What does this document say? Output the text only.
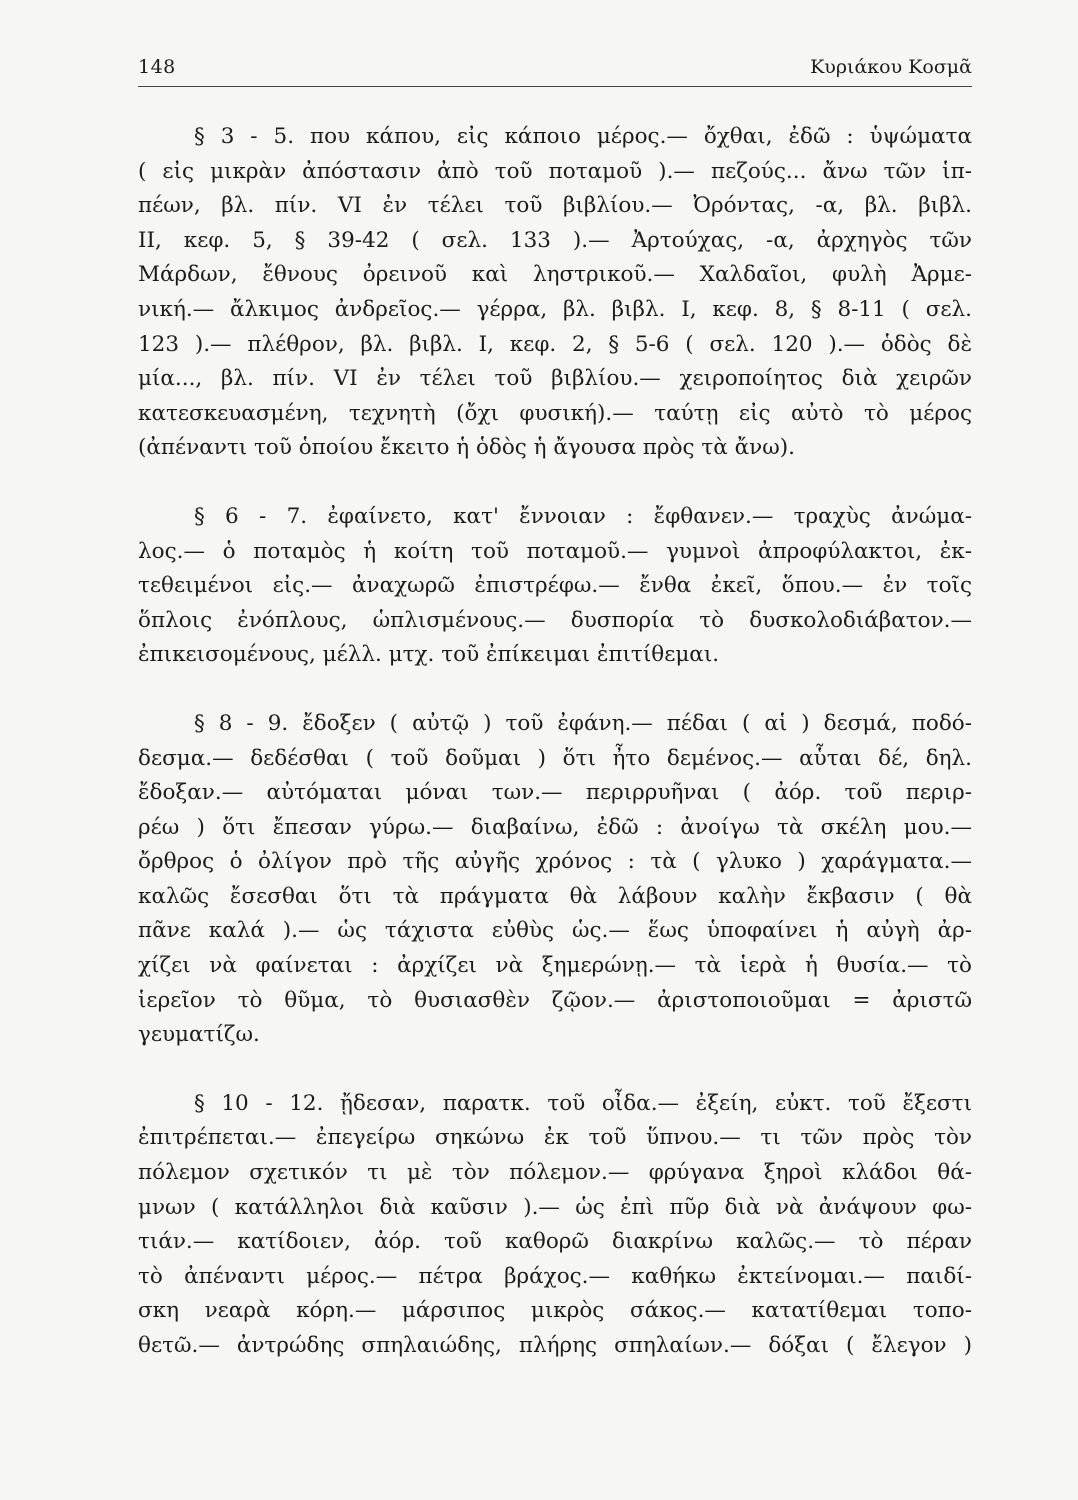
148	Κυριάκου Κοσμᾶ
§ 3 - 5. που κάπου, εἰς κάποιο μέρος.— ὄχθαι, ἐδῶ : ὑψώματα
( εἰς μικρὰν ἀπόστασιν ἀπὸ τοῦ ποταμοῦ ).— πεζούς... ἄνω τῶν ἱπ-
πέων, βλ. πίν. VI ἐν τέλει τοῦ βιβλίου.— Ὀρόντας, -α, βλ. βιβλ.
II, κεφ. 5, § 39-42 ( σελ. 133 ).— Ἀρτούχας, -α, ἀρχηγὸς τῶν
Μάρδων, ἔθνους ὀρεινοῦ καὶ ληστρικοῦ.— Χαλδαῖοι, φυλὴ Ἀρμε-
νική.— ἄλκιμος ἀνδρεῖος.— γέρρα, βλ. βιβλ. I, κεφ. 8, § 8-11 ( σελ.
123 ).— πλέθρον, βλ. βιβλ. I, κεφ. 2, § 5-6 ( σελ. 120 ).— ὁδὸς δὲ
μία..., βλ. πίν. VI ἐν τέλει τοῦ βιβλίου.— χειροποίητος διὰ χειρῶν
κατεσκευασμένη, τεχνητὴ (ὄχι φυσική).— ταύτῃ εἰς αὐτὸ τὸ μέρος
(ἀπέναντι τοῦ ὁποίου ἔκειτο ἡ ὁδὸς ἡ ἄγουσα πρὸς τὰ ἄνω).
§ 6 - 7. ἐφαίνετο, κατ' ἔννοιαν : ἔφθανεν.— τραχὺς ἀνώμα-
λος.— ὁ ποταμὸς ἡ κοίτη τοῦ ποταμοῦ.— γυμνοὶ ἀπροφύλακτοι, ἐκ-
τεθειμένοι εἰς.— ἀναχωρῶ ἐπιστρέφω.— ἔνθα ἐκεῖ, ὅπου.— ἐν τοῖς
ὅπλοις ἐνόπλους, ὡπλισμένους.— δυσπορία τὸ δυσκολοδιάβατον.—
ἐπικεισομένους, μέλλ. μτχ. τοῦ ἐπίκειμαι ἐπιτίθεμαι.
§ 8 - 9. ἔδοξεν ( αὐτῷ ) τοῦ ἐφάνη.— πέδαι ( αἱ ) δεσμά, ποδό-
δεσμα.— δεδέσθαι ( τοῦ δοῦμαι ) ὅτι ἦτο δεμένος.— αὗται δέ, δηλ.
ἔδοξαν.— αὐτόμαται μόναι των.— περιρρυῆναι ( ἀόρ. τοῦ περιρ-
ρέω ) ὅτι ἔπεσαν γύρω.— διαβαίνω, ἐδῶ : ἀνοίγω τὰ σκέλη μου.—
ὄρθρος ὁ ὀλίγον πρὸ τῆς αὐγῆς χρόνος : τὰ ( γλυκο ) χαράγματα.—
καλῶς ἔσεσθαι ὅτι τὰ πράγματα θὰ λάβουν καλὴν ἔκβασιν ( θὰ
πᾶνε καλά ).— ὡς τάχιστα εὐθὺς ὡς.— ἕως ὑποφαίνει ἡ αὐγὴ ἀρ-
χίζει νὰ φαίνεται : ἀρχίζει νὰ ξημερώνῃ.— τὰ ἱερὰ ἡ θυσία.— τὸ
ἱερεῖον τὸ θῦμα, τὸ θυσιασθὲν ζῷον.— ἀριστοποιοῦμαι = ἀριστῶ
γευματίζω.
§ 10 - 12. ᾔδεσαν, παρατκ. τοῦ οἶδα.— ἐξείη, εὐκτ. τοῦ ἔξεστι
ἐπιτρέπεται.— ἐπεγείρω σηκώνω ἐκ τοῦ ὕπνου.— τι τῶν πρὸς τὸν
πόλεμον σχετικόν τι μὲ τὸν πόλεμον.— φρύγανα ξηροὶ κλάδοι θά-
μνων ( κατάλληλοι διὰ καῦσιν ).— ὡς ἐπὶ πῦρ διὰ νὰ ἀνάψουν φω-
τιάν.— κατίδοιεν, ἀόρ. τοῦ καθορῶ διακρίνω καλῶς.— τὸ πέραν
τὸ ἀπέναντι μέρος.— πέτρα βράχος.— καθήκω ἐκτείνομαι.— παιδί-
σκη νεαρὰ κόρη.— μάρσιπος μικρὸς σάκος.— κατατίθεμαι τοπο-
θετῶ.— ἀντρώδης σπηλαιώδης, πλήρης σπηλαίων.— δόξαι ( ἔλεγον )
